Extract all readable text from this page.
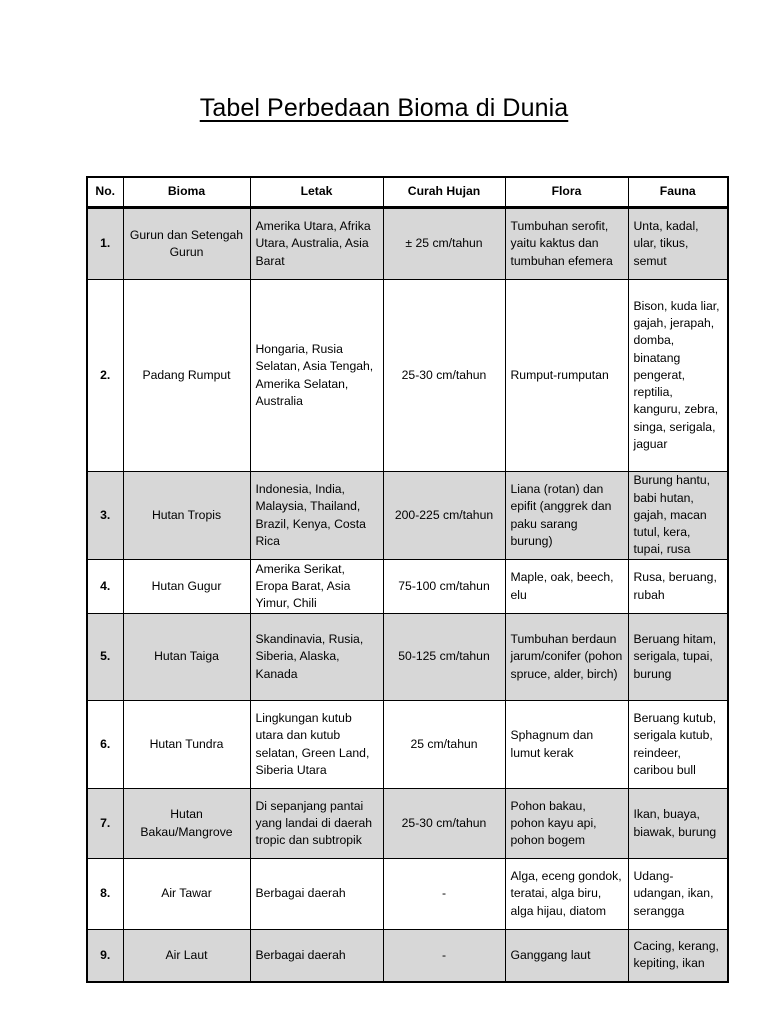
Tabel Perbedaan Bioma di Dunia
No.	Bioma	Letak	Curah Hujan	Flora	Fauna
1.	Gurun dan Setengah Gurun	Amerika Utara, Afrika Utara, Australia, Asia Barat	± 25 cm/tahun	Tumbuhan serofit, yaitu kaktus dan tumbuhan efemera	Unta, kadal, ular, tikus, semut
2.	Padang Rumput	Hongaria, Rusia Selatan, Asia Tengah, Amerika Selatan, Australia	25-30 cm/tahun	Rumput-rumputan	Bison, kuda liar, gajah, jerapah, domba, binatang pengerat, reptilia, kanguru, zebra, singa, serigala, jaguar
3.	Hutan Tropis	Indonesia, India, Malaysia, Thailand, Brazil, Kenya, Costa Rica	200-225 cm/tahun	Liana (rotan) dan epifit (anggrek dan paku sarang burung)	Burung hantu, babi hutan, gajah, macan tutul, kera, tupai, rusa
4.	Hutan Gugur	Amerika Serikat, Eropa Barat, Asia Yimur, Chili	75-100 cm/tahun	Maple, oak, beech, elu	Rusa, beruang, rubah
5.	Hutan Taiga	Skandinavia, Rusia, Siberia, Alaska, Kanada	50-125 cm/tahun	Tumbuhan berdaun jarum/conifer (pohon spruce, alder, birch)	Beruang hitam, serigala, tupai, burung
6.	Hutan Tundra	Lingkungan kutub utara dan kutub selatan, Green Land, Siberia Utara	25 cm/tahun	Sphagnum dan lumut kerak	Beruang kutub, serigala kutub, reindeer, caribou bull
7.	Hutan Bakau/Mangrove	Di sepanjang pantai yang landai di daerah tropic dan subtropik	25-30 cm/tahun	Pohon bakau, pohon kayu api, pohon bogem	Ikan, buaya, biawak, burung
8.	Air Tawar	Berbagai daerah	-	Alga, eceng gondok, teratai, alga biru, alga hijau, diatom	Udang-udangan, ikan, serangga
9.	Air Laut	Berbagai daerah	-	Ganggang laut	Cacing, kerang, kepiting, ikan
